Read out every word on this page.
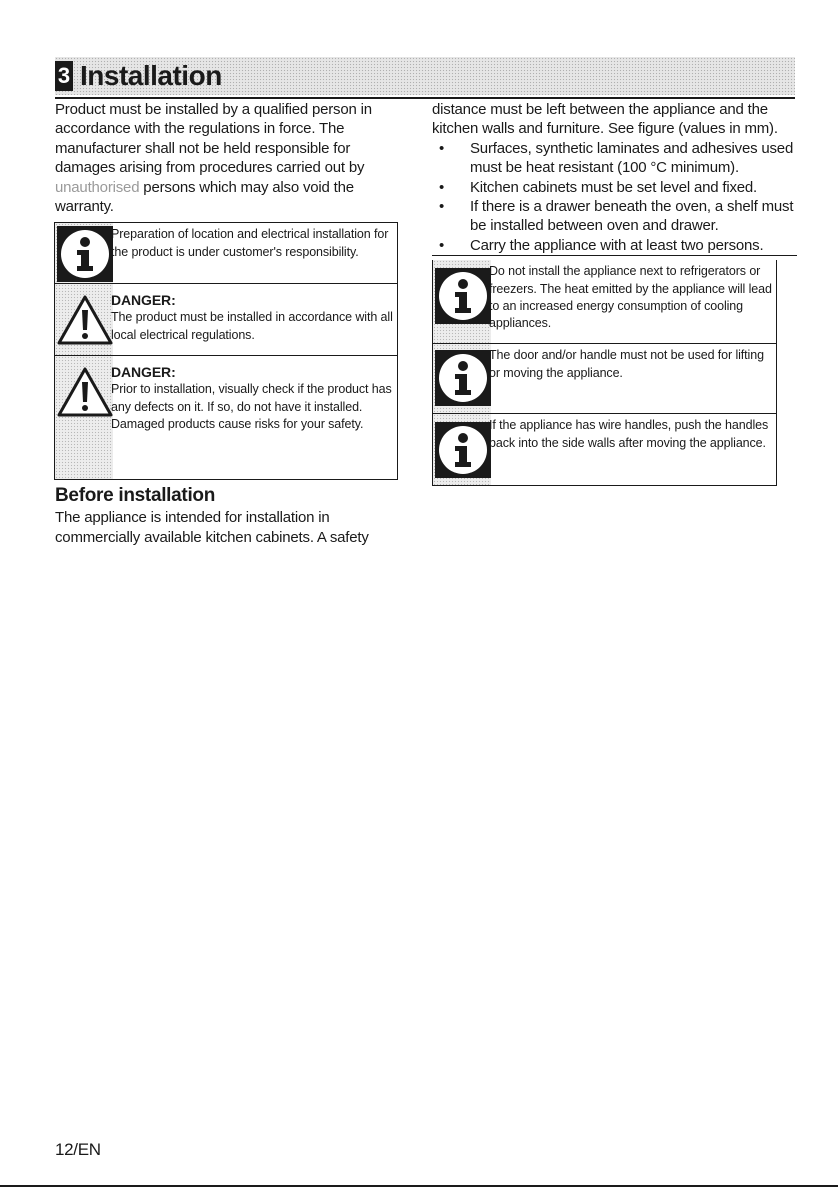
3 Installation

Product must be installed by a qualified person in accordance with the regulations in force. The manufacturer shall not be held responsible for damages arising from procedures carried out by unauthorised persons which may also void the warranty.

Preparation of location and electrical installation for the product is under customer's responsibility.
DANGER:
The product must be installed in accordance with all local electrical regulations.
DANGER:
Prior to installation, visually check if the product has any defects on it. If so, do not have it installed.
Damaged products cause risks for your safety.
Before installation

The appliance is intended for installation in commercially available kitchen cabinets. A safety

distance must be left between the appliance and the kitchen walls and furniture. See figure (values in mm).

• Surfaces, synthetic laminates and adhesives used must be heat resistant (100 °C minimum).
• Kitchen cabinets must be set level and fixed.
• If there is a drawer beneath the oven, a shelf must be installed between oven and drawer.
• Carry the appliance with at least two persons.
Do not install the appliance next to refrigerators or freezers. The heat emitted by the appliance will lead to an increased energy consumption of cooling appliances.
The door and/or handle must not be used for lifting or moving the appliance.
If the appliance has wire handles, push the handles back into the side walls after moving the appliance.
12/EN
